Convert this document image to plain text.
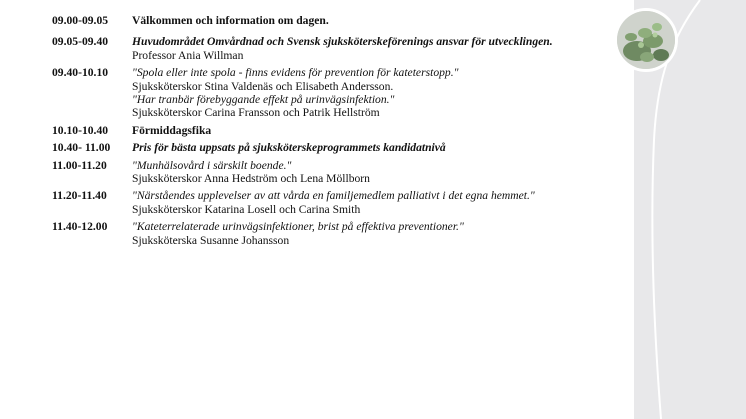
09.00-09.05 Välkommen och information om dagen.
09.05-09.40 Huvudområdet Omvårdnad och Svensk sjuksköterskeförenings ansvar för utvecklingen.
Professor Ania Willman
09.40-10.10 "Spola eller inte spola - finns evidens för prevention för kateterstopp."
Sjuksköterskor Stina Valdenäs och Elisabeth Andersson.
"Har tranbär förebyggande effekt på urinvägsinfektion."
Sjuksköterskor Carina Fransson och Patrik Hellström
10.10-10.40 Förmiddagsfika
10.40- 11.00 Pris för bästa uppsats på sjuksköterskeprogrammets kandidatnivå
11.00-11.20 "Munhälsovård i särskilt boende."
Sjuksköterskor Anna Hedström och Lena Möllborn
11.20-11.40 "Närståendes upplevelser av att vårda en familjemedlem palliativt i det egna hemmet."
Sjuksköterskor Katarina Losell och Carina Smith
11.40-12.00 "Kateterrelaterade urinvägsinfektioner, brist på effektiva preventioner."
Sjuksköterska Susanne Johansson
